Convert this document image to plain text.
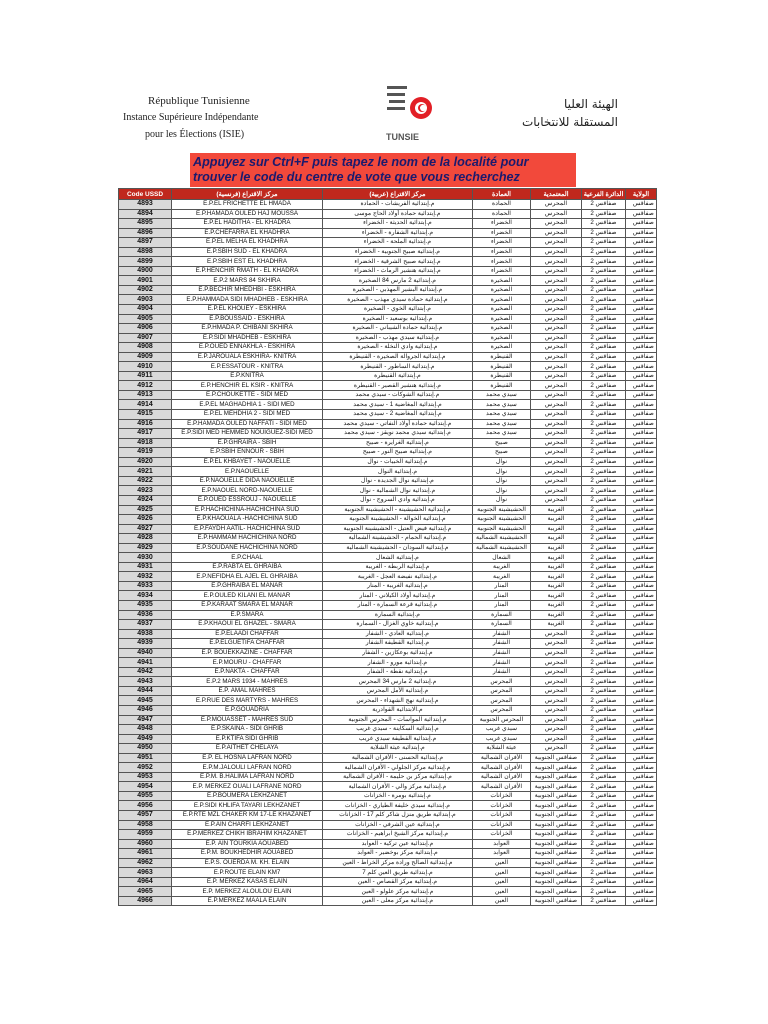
République Tunisienne
Instance Supérieure Indépendante
pour les Élections (ISIE)	TUNSIE
الهيئة العليا
المستقلة للانتخابات
Appuyez sur Ctrl+F puis tapez le nom de la localité pour trouver le code du centre de vote que vous recherchez
Code USSD	مركز الاقتراع (فرنسية)	مركز الاقتراع (عربية)	العمادة	المعتمدية	الدائرة الفرعية	الولاية
4893	E.P.EL FRICHETTE EL HMADA	م.إبتدائية الفريشات - الحمادة	الحمادة	المحرس	صفاقس 2	صفاقس
4894	E.P.HAMADA OULED HAJ MOUSSA	م.إبتدائية حمادة أولاد الحاج موسى	الحمادة	المحرس	صفاقس 2	صفاقس
4895	E.P.EL HADITHA - EL KHADRA	م.إبتدائية الحديثة - الخضراء	الخضراء	المحرس	صفاقس 2	صفاقس
4896	E.P.CHEFARRA EL KHADHRA	م.إبتدائية الشفارة - الخضراء	الخضراء	المحرس	صفاقس 2	صفاقس
4897	E.P.EL MELHA EL KHADHRA	م.إبتدائية الملحة - الخضراء	الخضراء	المحرس	صفاقس 2	صفاقس
4898	E.P.SBIH SUD - EL KHADRA	م.إبتدائية صبيح الجنوبية - الخضراء	الخضراء	المحرس	صفاقس 2	صفاقس
4899	E.P.SBIH EST EL KHADHRA	م.إبتدائية صبيح الشرقية - الخضراء	الخضراء	المحرس	صفاقس 2	صفاقس
4900	E.P.HENCHIR RMATH - EL KHADRA	م.إبتدائية هنشير الرماث - الخضراء	الخضراء	المحرس	صفاقس 2	صفاقس
4901	E.P.2 MARS 84 SKHIRA	م.إبتدائية 2 مارس 84 الصخيرة	الصخيرة	المحرس	صفاقس 2	صفاقس
4902	E.P.BECHIR MHEDHBI - ESKHIRA	م.إبتدائية البشير المهذبي - الصخيرة	الصخيرة	المحرس	صفاقس 2	صفاقس
4903	E.P.HAMMADA SIDI MHADHEB - ESKHIRA	م.إبتدائية حمادة سيدي مهذب - الصخيرة	الصخيرة	المحرس	صفاقس 2	صفاقس
4904	E.P.EL KHOUEY - ESKHIRA	م.إبتدائية الخوي - الصخيرة	الصخيرة	المحرس	صفاقس 2	صفاقس
4905	E.P.BOUSSAID - ESKHIRA	م.إبتدائية بوسعيد - الصخيرة	الصخيرة	المحرس	صفاقس 2	صفاقس
4906	E.P.HMADA P. CHIBANI SKHIRA	م.إبتدائية حمادة الشيباني - الصخيرة	الصخيرة	المحرس	صفاقس 2	صفاقس
4907	E.P.SIDI MHADHEB - ESKHIRA	م.إبتدائية سيدي مهذب - الصخيرة	الصخيرة	المحرس	صفاقس 2	صفاقس
4908	E.P.OUED ENNAKHLA - ESKHIRA	م.إبتدائية وادي النخلة - الصخيرة	الصخيرة	المحرس	صفاقس 2	صفاقس
4909	E.P.JAROUALA ESKHIRA- KNITRA	م.إبتدائية الجروالة الصخيرة - القنيطرة	القنيطرة	المحرس	صفاقس 2	صفاقس
4910	E.P.ESSATOUR - KNITRA	م.إبتدائية الساطور - القنيطرة	القنيطرة	المحرس	صفاقس 2	صفاقس
4911	E.P.KNITRA	م.إبتدائية القنيطرة	القنيطرة	المحرس	صفاقس 2	صفاقس
4912	E.P.HENCHIR EL KSIR - KNITRA	م.إبتدائية هنشير القصير - القنيطرة	القنيطرة	المحرس	صفاقس 2	صفاقس
4913	E.P.CHOUKETTE - SIDI MED	م.إبتدائية الشوكات - سيدي محمد	سيدي محمد	المحرس	صفاقس 2	صفاقس
4914	E.P.EL MAGHADHIA 1 - SIDI MED	م.إبتدائية المغاضية 1 - سيدي محمد	سيدي محمد	المحرس	صفاقس 2	صفاقس
4915	E.P.EL MEHDHIA 2 - SIDI MED	م.إبتدائية المغاضية 2 - سيدي محمد	سيدي محمد	المحرس	صفاقس 2	صفاقس
4916	E.P.HAMADA OULED NAFFATI - SIDI MED	م.إبتدائية حمادة أولاد النفاتي - سيدي محمد	سيدي محمد	المحرس	صفاقس 2	صفاقس
4917	E.P.SIDI MED HEMMED NOUIGUEZ-SIDI MED	م.إبتدائية سيدي محمد نويقز - سيدي محمد	سيدي محمد	المحرس	صفاقس 2	صفاقس
4918	E.P.GHRAIRA - SBIH	م.إبتدائية الغرايرة - صبيح	صبيح	المحرس	صفاقس 2	صفاقس
4919	E.P.SBIH ENNOUR - SBIH	م.إبتدائية صبيح النور - صبيح	صبيح	المحرس	صفاقس 2	صفاقس
4920	E.P.EL KHBAYET - NAOUELLE	م.إبتدائية الخبيات - نوال	نوال	المحرس	صفاقس 2	صفاقس
4921	E.P.NAOUELLE	م.إبتدائية النوال	نوال	المحرس	صفاقس 2	صفاقس
4922	E.P.NAOUELLE DIDA NAOUELLE	م.إبتدائية نوال الجديدة - نوال	نوال	المحرس	صفاقس 2	صفاقس
4923	E.P.NAOUEL NORD-NAOUELLE	م.إبتدائية نوال الشمالية - نوال	نوال	المحرس	صفاقس 2	صفاقس
4924	E.P.OUED ESSROUJ - NAOUELLE	م.إبتدائية وادي السروج - نوال	نوال	المحرس	صفاقس 2	صفاقس
4925	E.P.HACHICHINA-HACHICHINA SUD	م.إبتدائية الحشيشينة - الحشيشينة الجنوبية	الحشيشينة الجنوبية	الغريبة	صفاقس 2	صفاقس
4926	E.P.KHAOUALA -HACHICHINA SUD	م.إبتدائية الخوالة - الحشيشينة الجنوبية	الحشيشينة الجنوبية	الغريبة	صفاقس 2	صفاقس
4927	E.P.FAYDH AATIL- HACHICHINA SUD	م.إبتدائية فيض العتيل - الحشيشينة الجنوبية	الحشيشينة الجنوبية	الغريبة	صفاقس 2	صفاقس
4928	E.P.HAMMAM HACHICHINA NORD	م.إبتدائية الحمام - الحشيشينة الشمالية	الحشيشينة الشمالية	الغريبة	صفاقس 2	صفاقس
4929	E.P.SOUDANE HACHICHINA NORD	م.إبتدائية السودان - الحشيشينة الشمالية	الحشيشينة الشمالية	الغريبة	صفاقس 2	صفاقس
4930	E.P.CHAAL	م.إبتدائية الشعال	الشعال	الغريبة	صفاقس 2	صفاقس
4931	E.P.RABTA EL GHRAIBA	م.إبتدائية الربطة - الغريبة	الغريبة	الغريبة	صفاقس 2	صفاقس
4932	E.P.NEFIDHA EL AJEL EL GHRAIBA	م.إبتدائية نفيضة العجل - الغريبة	الغريبة	الغريبة	صفاقس 2	صفاقس
4933	E.P.GHRAIBA EL MANAR	م.إبتدائية الغريبة - المنار	المنار	الغريبة	صفاقس 2	صفاقس
4934	E.P.OULED KILANI EL MANAR	م.إبتدائية أولاد الكيلاني - المنار	المنار	الغريبة	صفاقس 2	صفاقس
4935	E.P.KARAAT SMARA EL MANAR	م.إبتدائية قرعة السمارة - المنار	المنار	الغريبة	صفاقس 2	صفاقس
4936	E.P.SMARA	م.إبتدائية السمارة	السمارة	الغريبة	صفاقس 2	صفاقس
4937	E.P.KHAOUI EL GHAZEL - SMARA	م.إبتدائية خاوي الغزال - السمارة	السمارة	الغريبة	صفاقس 2	صفاقس
4938	E.P.ELAADI CHAFFAR	م.إبتدائية العادي - الشفار	الشفار	المحرس	صفاقس 2	صفاقس
4939	E.P.ELGUETIFA CHAFFAR	م.إبتدائية القطيفة الشفار	الشفار	المحرس	صفاقس 2	صفاقس
4940	E.P. BOUEKKAZINE - CHAFFAR	م.إبتدائية بوعكازين - الشفار	الشفار	المحرس	صفاقس 2	صفاقس
4941	E.P.MOURU - CHAFFAR	م.إبتدائية مورو - الشفار	الشفار	المحرس	صفاقس 2	صفاقس
4942	E.P.NAKTA - CHAFFAR	م.إبتدائية نقطة - الشفار	الشفار	المحرس	صفاقس 2	صفاقس
4943	E.P.2 MARS 1934 - MAHRES	م.إبتدائية 2 مارس 34 المحرس	المحرس	المحرس	صفاقس 2	صفاقس
4944	E.P. AMAL MAHRES	م.إبتدائية الأمل المحرس	المحرس	المحرس	صفاقس 2	صفاقس
4945	E.P.RUE DES MARTYRS - MAHRES	م.إبتدائية نهج الشهداء - المحرس	المحرس	المحرس	صفاقس 2	صفاقس
4946	E.P.GOUADRIA	م.الابتدائية القوادرية	المحرس	المحرس	صفاقس 2	صفاقس
4947	E.P.MOUASSET - MAHRES SUD	م.إبتدائية المواسات - المحرس الجنوبية	المحرس الجنوبية	المحرس	صفاقس 2	صفاقس
4948	E.P.SKAINA - SIDI GHRIB	م.إبتدائية السكاينة - سيدي غريب	سيدي غريب	المحرس	صفاقس 2	صفاقس
4949	E.P.KTIFA SIDI GHRIB	م.إبتدائية القطيفة سيدي غريب	سيدي غريب	المحرس	صفاقس 2	صفاقس
4950	E.P.AITHET CHELAYA	م.إبتدائية عيثة الشلاية	عيثة الشلاية	المحرس	صفاقس 2	صفاقس
4951	E.P. EL HOSNA LAFRAN NORD	م.إبتدائية الحسنى - الأفران الشمالية	الأفران الشمالية	صفاقس الجنوبية	صفاقس 2	صفاقس
4952	E.P.M.JALOULI LAFRAN NORD	م.إبتدائية مركز الجلولي - الأفران الشمالية	الأفران الشمالية	صفاقس الجنوبية	صفاقس 2	صفاقس
4953	E.P.M. B.HALIMA LAFRAN NORD	م.إبتدائية مركز بن حليمة - الأفران الشمالية	الأفران الشمالية	صفاقس الجنوبية	صفاقس 2	صفاقس
4954	E.P. MERKEZ OUALI LAFRANE NORD	م.إبتدائية مركز والي - الأفران الشمالية	الأفران الشمالية	صفاقس الجنوبية	صفاقس 2	صفاقس
4955	E.P.BOUMERA LEKHZANET	م.إبتدائية بومرة - الخزانات	الخزانات	صفاقس الجنوبية	صفاقس 2	صفاقس
4956	E.P.SIDI KHLIFA TAYARI LEKHZANET	م.إبتدائية سيدي خليفة الطياري - الخزانات	الخزانات	صفاقس الجنوبية	صفاقس 2	صفاقس
4957	E.P.RTE MZL CHAKER KM 17-LE KHAZANET	م.إبتدائية طريق منزل شاكر كلم 17 - الخزانات	الخزانات	صفاقس الجنوبية	صفاقس 2	صفاقس
4958	E.P.AIN CHARFI LEKHZANET	م.إبتدائية عين الشرفي - الخزانات	الخزانات	صفاقس الجنوبية	صفاقس 2	صفاقس
4959	E.P.MERKEZ CHIKH IBRAHIM KHAZANET	م.إبتدائية مركز الشيخ ابراهيم - الخزانات	الخزانات	صفاقس الجنوبية	صفاقس 2	صفاقس
4960	E.P. AIN TOURKIA AOUABED	م.إبتدائية عين تركية - العوابد	العوابد	صفاقس الجنوبية	صفاقس 2	صفاقس
4961	E.P.M. BOUKHEDHIR AOUABED	م.إبتدائية مركز بوخضير - العوابد	العوابد	صفاقس الجنوبية	صفاقس 2	صفاقس
4962	E.P.S. OUERDA M. KH. ELAIN	م.إبتدائية الصالح ورادة مركز الخراط - العين	العين	صفاقس الجنوبية	صفاقس 2	صفاقس
4963	E.P.ROUTE ELAIN KM7	م.إبتدائية طريق العين كلم 7	العين	صفاقس الجنوبية	صفاقس 2	صفاقس
4964	E.P. MERKEZ KASAS ELAIN	م.إبتدائية مركز القصاص - العين	العين	صفاقس الجنوبية	صفاقس 2	صفاقس
4965	E.P. MERKEZ ALOULOU ELAIN	م.إبتدائية مركز علولو - العين	العين	صفاقس الجنوبية	صفاقس 2	صفاقس
4966	E.P.MERKEZ MAALA ELAIN	م.إبتدائية مركز معلى - العين	العين	صفاقس الجنوبية	صفاقس 2	صفاقس
